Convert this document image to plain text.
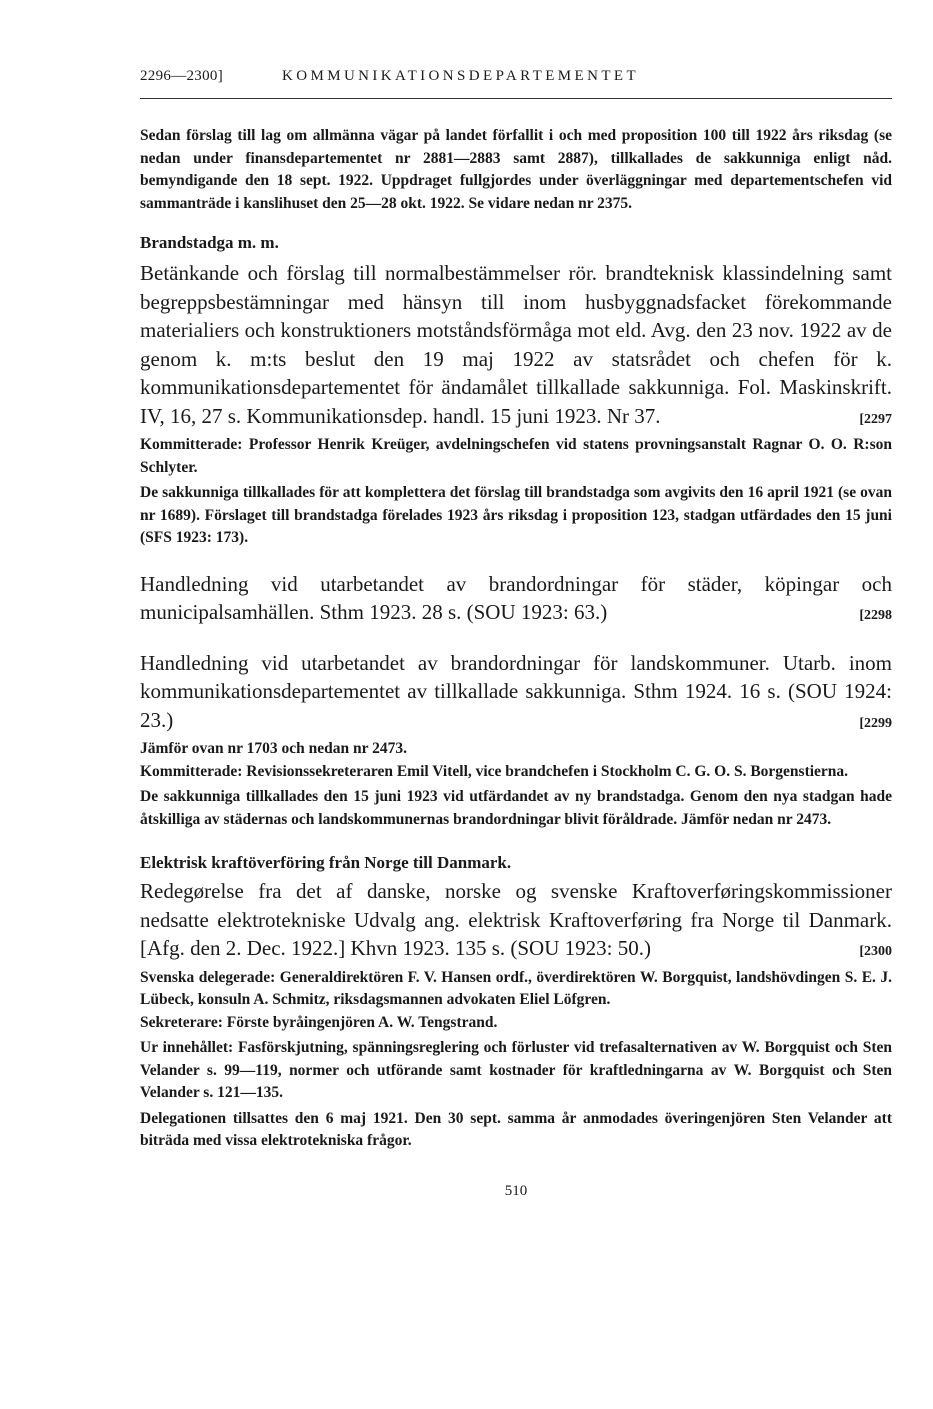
2296—2300]	KOMMUNIKATIONSDEPARTEMENTET

Sedan förslag till lag om allmänna vägar på landet förfallit i och med proposition 100 till 1922 års riksdag (se nedan under finansdepartementet nr 2881—2883 samt 2887), tillkallades de sakkunniga enligt nåd. bemyndigande den 18 sept. 1922. Uppdraget fullgjordes under överläggningar med departementschefen vid sammanträde i kanslihuset den 25—28 okt. 1922. Se vidare nedan nr 2375.

Brandstadga m. m.

Betänkande och förslag till normalbestämmelser rör. brandteknisk klassindelning samt begreppsbestämningar med hänsyn till inom husbyggnadsfacket förekommande materialiers och konstruktioners motståndsförmåga mot eld. Avg. den 23 nov. 1922 av de genom k. m:ts beslut den 19 maj 1922 av statsrådet och chefen för k. kommunikationsdepartementet för ändamålet tillkallade sakkunniga. Fol. Maskinskrift. IV, 16, 27 s. Kommunikationsdep. handl. 15 juni 1923. Nr 37.	[2297

Kommitterade: Professor Henrik Kreüger, avdelningschefen vid statens provningsanstalt Ragnar O. O. R:son Schlyter.

De sakkunniga tillkallades för att komplettera det förslag till brandstadga som avgivits den 16 april 1921 (se ovan nr 1689). Förslaget till brandstadga förelades 1923 års riksdag i proposition 123, stadgan utfärdades den 15 juni (SFS 1923: 173).

Handledning vid utarbetandet av brandordningar för städer, köpingar och municipalsamhällen. Sthm 1923. 28 s. (SOU 1923: 63.)	[2298

Handledning vid utarbetandet av brandordningar för landskommuner. Utarb. inom kommunikationsdepartementet av tillkallade sakkunniga. Sthm 1924. 16 s. (SOU 1924: 23.)	[2299

Jämför ovan nr 1703 och nedan nr 2473.

Kommitterade: Revisionssekreteraren Emil Vitell, vice brandchefen i Stockholm C. G. O. S. Borgenstierna.

De sakkunniga tillkallades den 15 juni 1923 vid utfärdandet av ny brandstadga. Genom den nya stadgan hade åtskilliga av städernas och landskommunernas brandordningar blivit föråldrade. Jämför nedan nr 2473.

Elektrisk kraftöverföring från Norge till Danmark.

Redegørelse fra det af danske, norske og svenske Kraftoverføringskommissioner nedsatte elektrotekniske Udvalg ang. elektrisk Kraftoverføring fra Norge til Danmark. [Afg. den 2. Dec. 1922.] Khvn 1923. 135 s. (SOU 1923: 50.)	[2300

Svenska delegerade: Generaldirektören F. V. Hansen ordf., överdirektören W. Borgquist, landshövdingen S. E. J. Lübeck, konsuln A. Schmitz, riksdagsmannen advokaten Eliel Löfgren.

Sekreterare: Förste byråingenjören A. W. Tengstrand.

Ur innehållet: Fasförskjutning, spänningsreglering och förluster vid trefasalternativen av W. Borgquist och Sten Velander s. 99—119, normer och utförande samt kostnader för kraftledningarna av W. Borgquist och Sten Velander s. 121—135.

Delegationen tillsattes den 6 maj 1921. Den 30 sept. samma år anmodades överingenjören Sten Velander att biträda med vissa elektrotekniska frågor.

510
